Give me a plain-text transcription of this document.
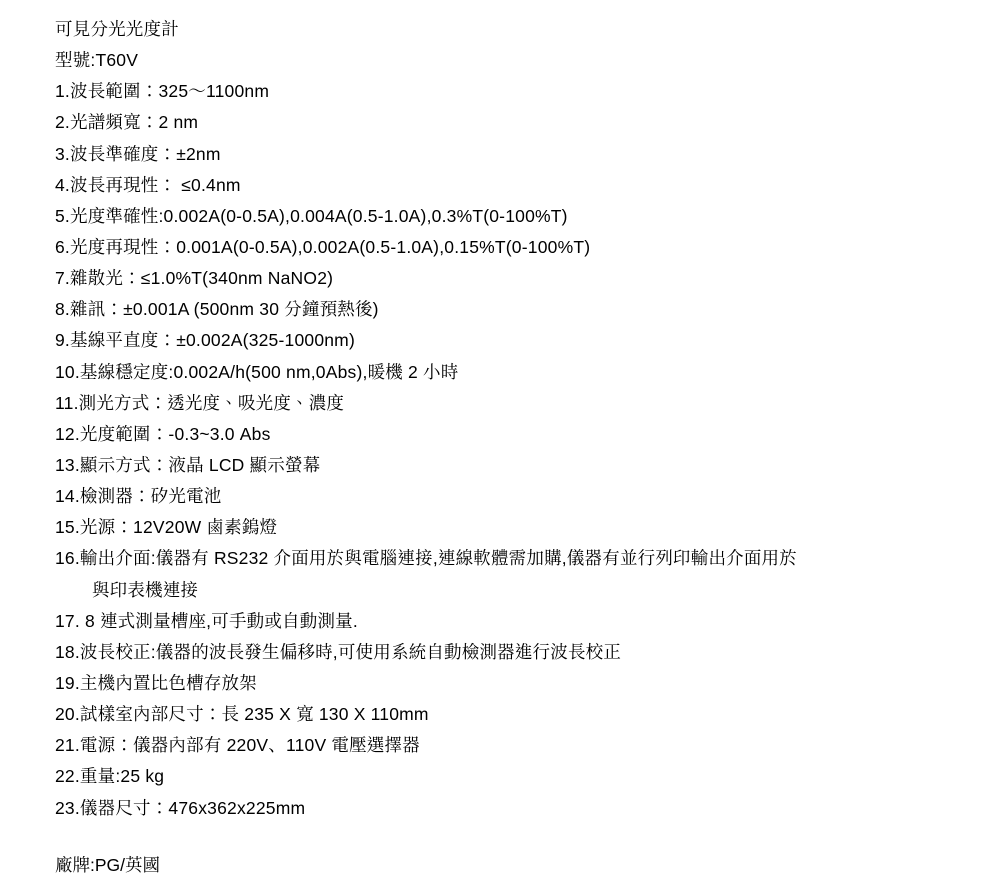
可見分光光度計
型號:T60V
1.波長範圍：325～1100nm
2.光譜頻寬：2 nm
3.波長準確度：±2nm
4.波長再現性： ≤0.4nm
5.光度準確性:0.002A(0-0.5A),0.004A(0.5-1.0A),0.3%T(0-100%T)
6.光度再現性：0.001A(0-0.5A),0.002A(0.5-1.0A),0.15%T(0-100%T)
7.雜散光：≤1.0%T(340nm NaNO2)
8.雜訊：±0.001A (500nm 30 分鐘預熱後)
9.基線平直度：±0.002A(325-1000nm)
10.基線穩定度:0.002A/h(500 nm,0Abs),暖機 2 小時
11.測光方式：透光度、吸光度、濃度
12.光度範圍：-0.3~3.0 Abs
13.顯示方式：液晶 LCD 顯示螢幕
14.檢測器：矽光電池
15.光源：12V20W 鹵素鎢燈
16.輸出介面:儀器有 RS232 介面用於與電腦連接,連線軟體需加購,儀器有並行列印輸出介面用於
與印表機連接
17. 8 連式測量槽座,可手動或自動測量.
18.波長校正:儀器的波長發生偏移時,可使用系統自動檢測器進行波長校正
19.主機內置比色槽存放架
20.試樣室內部尺寸：長 235 X 寬 130 X 110mm
21.電源：儀器內部有 220V、110V 電壓選擇器
22.重量:25 kg
23.儀器尺寸：476x362x225mm
廠牌:PG/英國
